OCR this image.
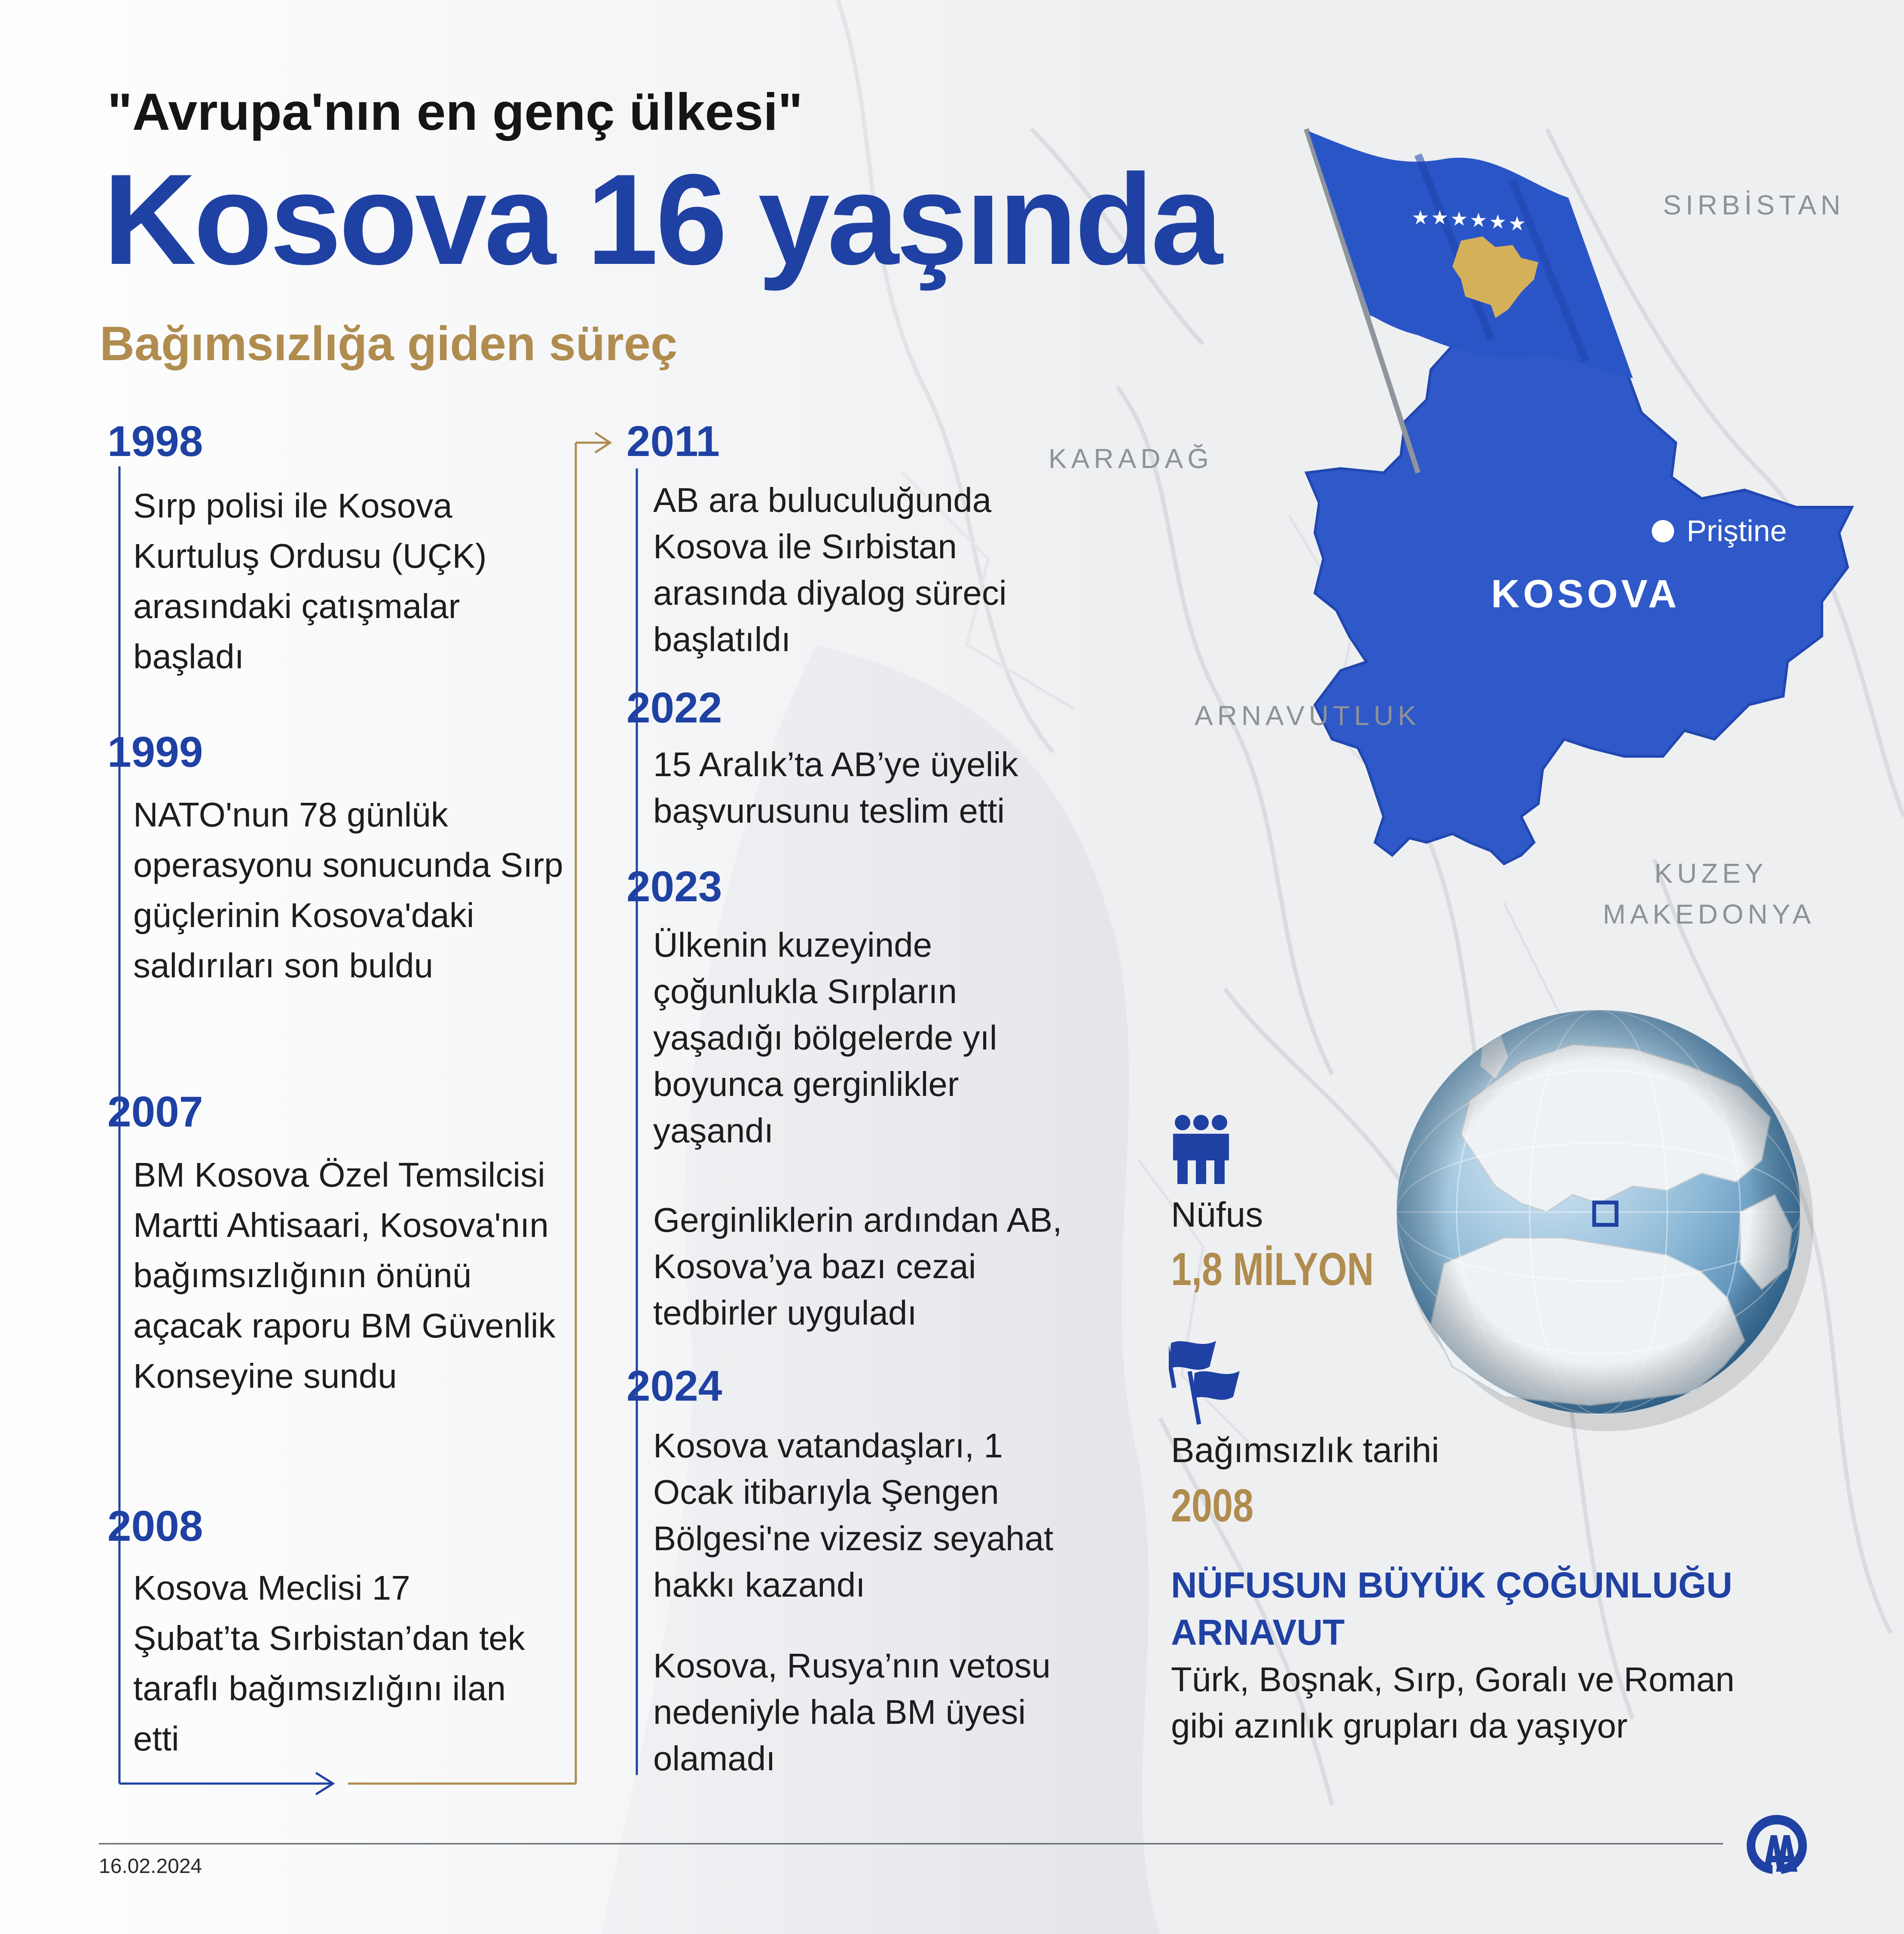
★ ★ ★ ★ ★ ★
"Avrupa'nın en genç ülkesi"
Kosova 16 yaşında
Bağımsızlığa giden süreç
1998
Sırp polisi ile Kosova Kurtuluş Ordusu (UÇK) arasındaki çatışmalar başladı
1999
NATO'nun 78 günlük operasyonu sonucunda Sırp güçlerinin Kosova'daki saldırıları son buldu
2007
BM Kosova Özel Temsilcisi Martti Ahtisaari, Kosova'nın bağımsızlığının önünü açacak raporu BM Güvenlik Konseyine sundu
2008
Kosova Meclisi 17 Şubat’ta Sırbistan’dan tek taraflı bağımsızlığını ilan etti
2011
AB ara buluculuğunda Kosova ile Sırbistan arasında diyalog süreci başlatıldı
2022
15 Aralık’ta AB’ye üyelik başvurusunu teslim etti
2023
Ülkenin kuzeyinde çoğunlukla Sırpların yaşadığı bölgelerde yıl boyunca gerginlikler yaşandı
Gerginliklerin ardından AB, Kosova’ya bazı cezai tedbirler uyguladı
2024
Kosova vatandaşları, 1 Ocak itibarıyla Şengen Bölgesi'ne vizesiz seyahat hakkı kazandı
Kosova, Rusya’nın vetosu nedeniyle hala BM üyesi olamadı
SIRBİSTAN
KARADAĞ
ARNAVUTLUK
KUZEY
MAKEDONYA
KOSOVA
Priştine
Nüfus
1,8 MİLYON
Bağımsızlık tarihi
2008
NÜFUSUN BÜYÜK ÇOĞUNLUĞU
ARNAVUT
Türk, Boşnak, Sırp, Goralı ve Roman
gibi azınlık grupları da yaşıyor
16.02.2024
